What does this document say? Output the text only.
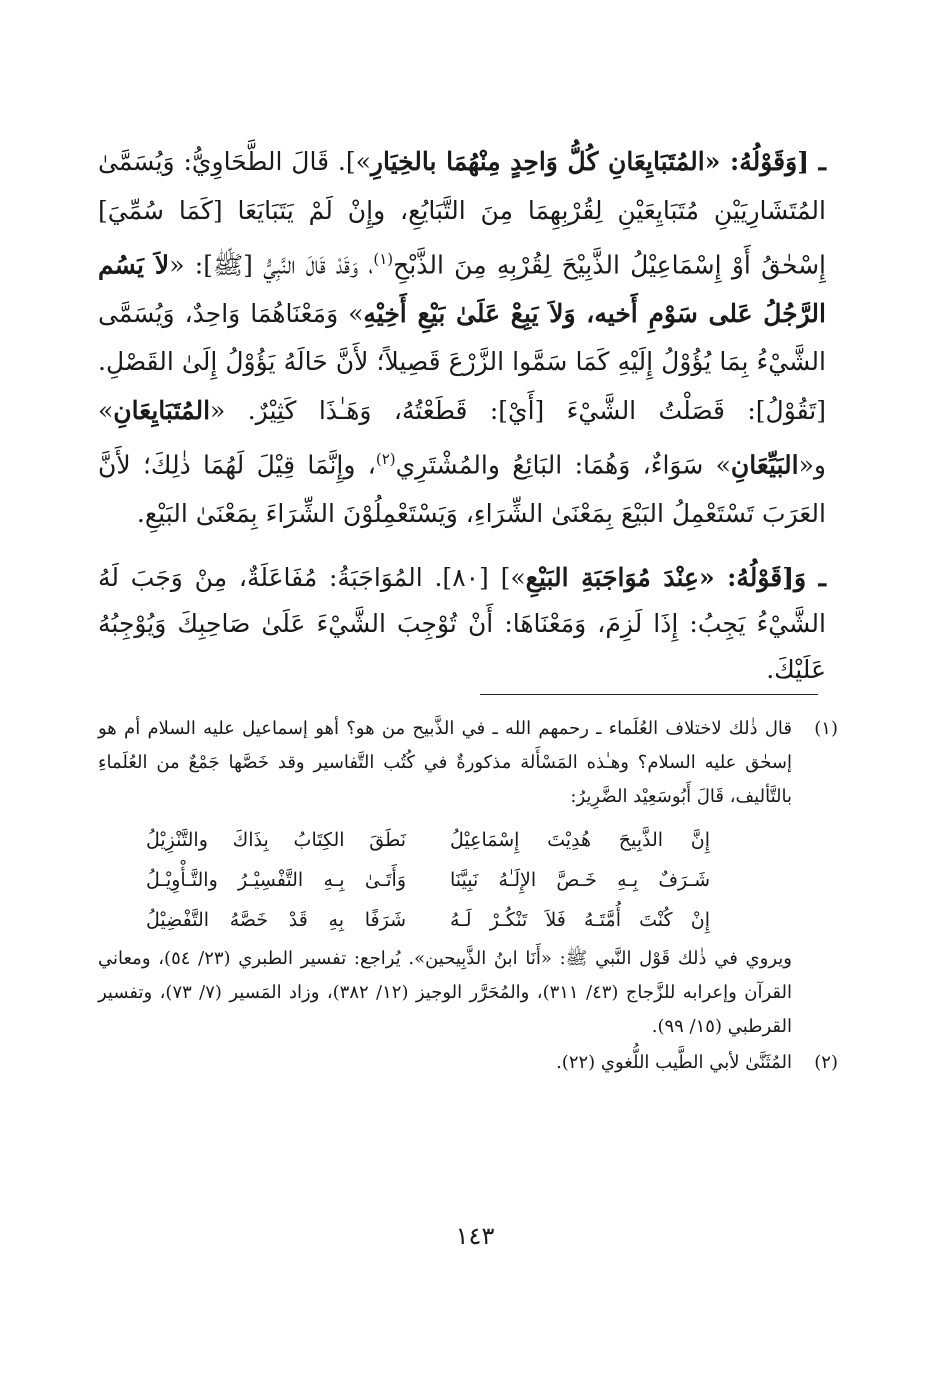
ـ [وَقَوْلُهُ: «المُتَبَايِعَانِ كُلُّ وَاحِدٍ مِنْهُمَا بالخِيَارِ»]. قَالَ الطَّحَاوِيُّ: وَيُسَمَّىٰ المُتَشَارِيَيْنِ مُتَبَايِعَيْنِ لِقُرْبِهِمَا مِنَ التَّبَايُعِ، وإِنْ لَمْ يَتَبَايَعَا [كَمَا سُمِّيَ] إِسْحٰقُ أَوْ إِسْمَاعِيْلُ الذَّبِيْحَ لِقُرْبِهِ مِنَ الذَّبْحِ$^{(١)}$، وَقَدْ قَالَ النَّبِيُّ [ﷺ]: «لاَ يَسُم الرَّجُلُ عَلى سَوْمِ أَخيه، وَلاَ يَبِعْ عَلَىٰ بَيْعِ أَخِيْهِ» وَمَعْنَاهُمَا وَاحِدٌ، وَيُسَمَّى الشَّيْءُ بِمَا يُؤُوْلُ إِلَيْهِ كَمَا سَمَّوا الزَّرْعَ قَصِيلاً؛ لأَنَّ حَالَهُ يَؤُوْلُ إِلَىٰ القَصْلِ. [تَقُوْلُ]: قَصَلْتُ الشَّيْءَ [أَيْ]: قَطَعْتُهُ، وَهَـٰذَا كَثِيْرٌ. «المُتَبَايِعَانِ» و«البَيِّعَانِ» سَوَاءٌ، وَهُمَا: البَائِعُ والمُشْتَرِي$^{(٢)}$، وإِنَّمَا قِيْلَ لَهُمَا ذٰلِكَ؛ لأَنَّ العَرَبَ تَسْتَعْمِلُ البَيْعَ بِمَعْنَىٰ الشِّرَاءِ، وَيَسْتَعْمِلُوْنَ الشِّرَاءَ بِمَعْنَىٰ البَيْعِ.

ـ وَ[قَوْلُهُ: «عِنْدَ مُوَاجَبَةِ البَيْعِ»] [٨٠]. المُوَاجَبَةُ: مُفَاعَلَةٌ، مِنْ وَجَبَ لَهُ الشَّيْءُ يَجِبُ: إِذَا لَزِمَ، وَمَعْنَاهَا: أَنْ تُوْجِبَ الشَّيْءَ عَلَىٰ صَاحِبِكَ وَيُوْجِبُهُ عَلَيْكَ.

(١)

قال ذٰلك لاختلاف العُلَماء ـ رحمهم الله ـ في الذَّبيح من هو؟ أهو إسماعيل عليه السلام أم هو إسحٰق عليه السلام؟ وهـٰذه المَسْأَلة مذكورةٌ في كُتُب التَّفاسير وقد خَصَّها جَمْعٌ من العُلَماءِ بالتَّأليف، قَالَ أَبُوسَعِيْد الضَّرِيرُ:

إِنَّ الذَّبِيحَ هُدِيْتَ إِسْمَاعِيْلُ
نَطَقَ الكِتَابُ بِذَاكَ والتَّنْزِيْلُ
شَـرَفٌ بِـهِ خَـصَّ الإِلَـٰهُ نَبِيَّنَا
وَأَتَـىٰ بِـهِ التَّفْسِيْـرُ والتَّـأْوِيْـلُ
إِنْ كُنْتَ أُمَّتَـهُ فَلاَ تَنْكُـرْ لَـهُ
شَرَفًا بِهِ قَدْ خَصَّهُ التَّفْضِيْلُ

ويروي في ذٰلك قَوْل النَّبي ﷺ: «أَنَا ابنُ الذَّبِيحين». يُراجع: تفسير الطبري (٢٣/ ٥٤)، ومعاني القرآن وإعرابه للزَّجاج (٤٣/ ٣١١)، والمُحَرَّر الوجيز (١٢/ ٣٨٢)، وزاد المَسير (٧/ ٧٣)، وتفسير القرطبي (١٥/ ٩٩).

(٢)

المُثَنَّىٰ لأبي الطَّيب اللُّغوي (٢٢).

١٤٣
